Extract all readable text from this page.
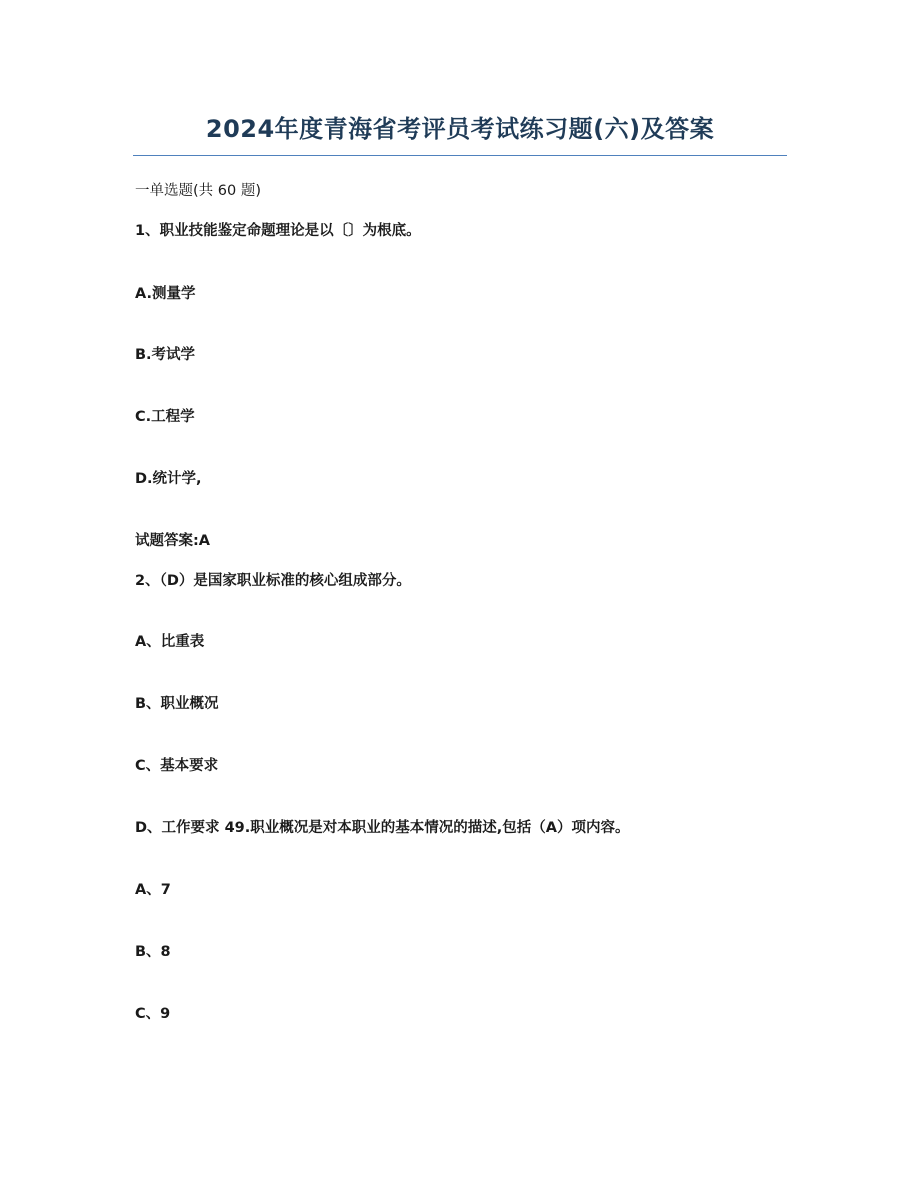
2024年度青海省考评员考试练习题(六)及答案
一单选题(共 60 题)
1、职业技能鉴定命题理论是以〔〕为根底。
A.测量学
B.考试学
C.工程学
D.统计学,
试题答案:A
2、（D）是国家职业标准的核心组成部分。
A、比重表
B、职业概况
C、基本要求
D、工作要求 49.职业概况是对本职业的基本情况的描述,包括（A）项内容。
A、7
B、8
C、9
